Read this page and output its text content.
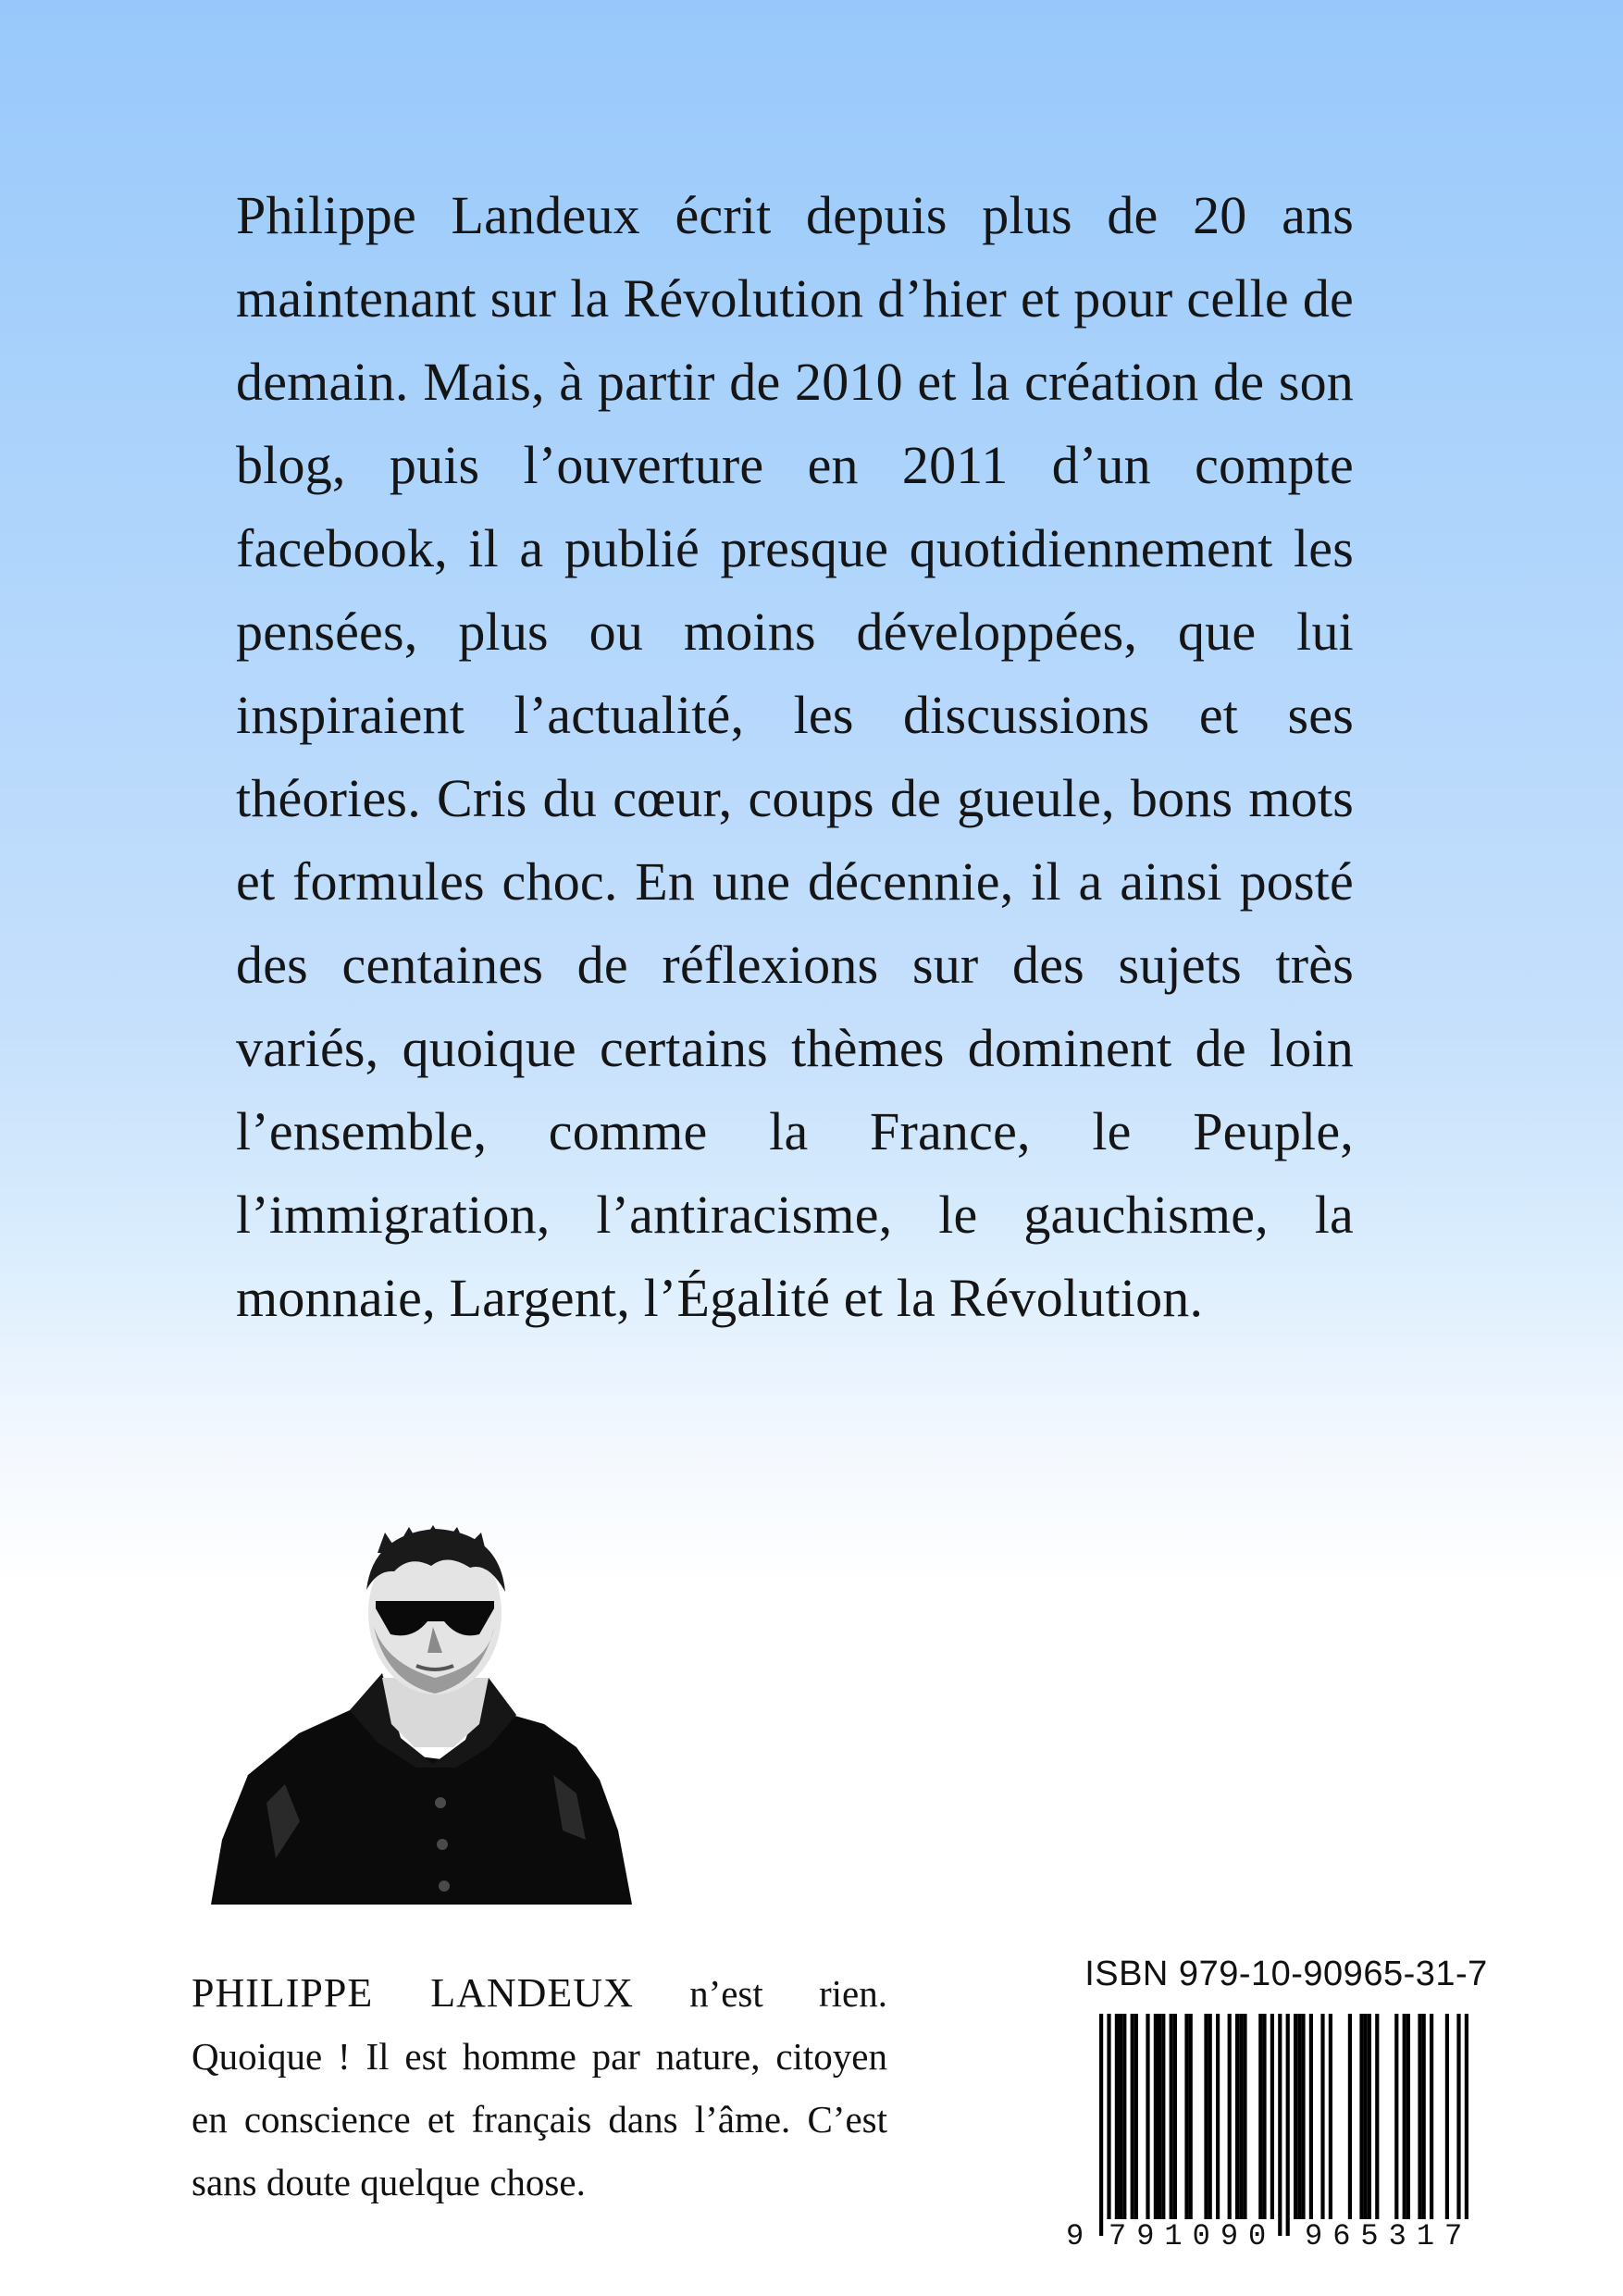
Philippe Landeux écrit depuis plus de 20 ans maintenant sur la Révolution d’hier et pour celle de demain. Mais, à partir de 2010 et la création de son blog, puis l’ouverture en 2011 d’un compte facebook, il a publié presque quotidiennement les pensées, plus ou moins développées, que lui inspiraient l’actualité, les discussions et ses théories. Cris du cœur, coups de gueule, bons mots et formules choc. En une décennie, il a ainsi posté des centaines de réflexions sur des sujets très variés, quoique certains thèmes dominent de loin l’ensemble, comme la France, le Peuple, l’immigration, l’antiracisme, le gauchisme, la monnaie, Largent, l’Égalité et la Révolution.

PHILIPPE LANDEUX n’est rien. Quoique ! Il est homme par nature, citoyen en conscience et français dans l’âme. C’est sans doute quelque chose.

ISBN 979-10-90965-31-7
9 791090 965317
